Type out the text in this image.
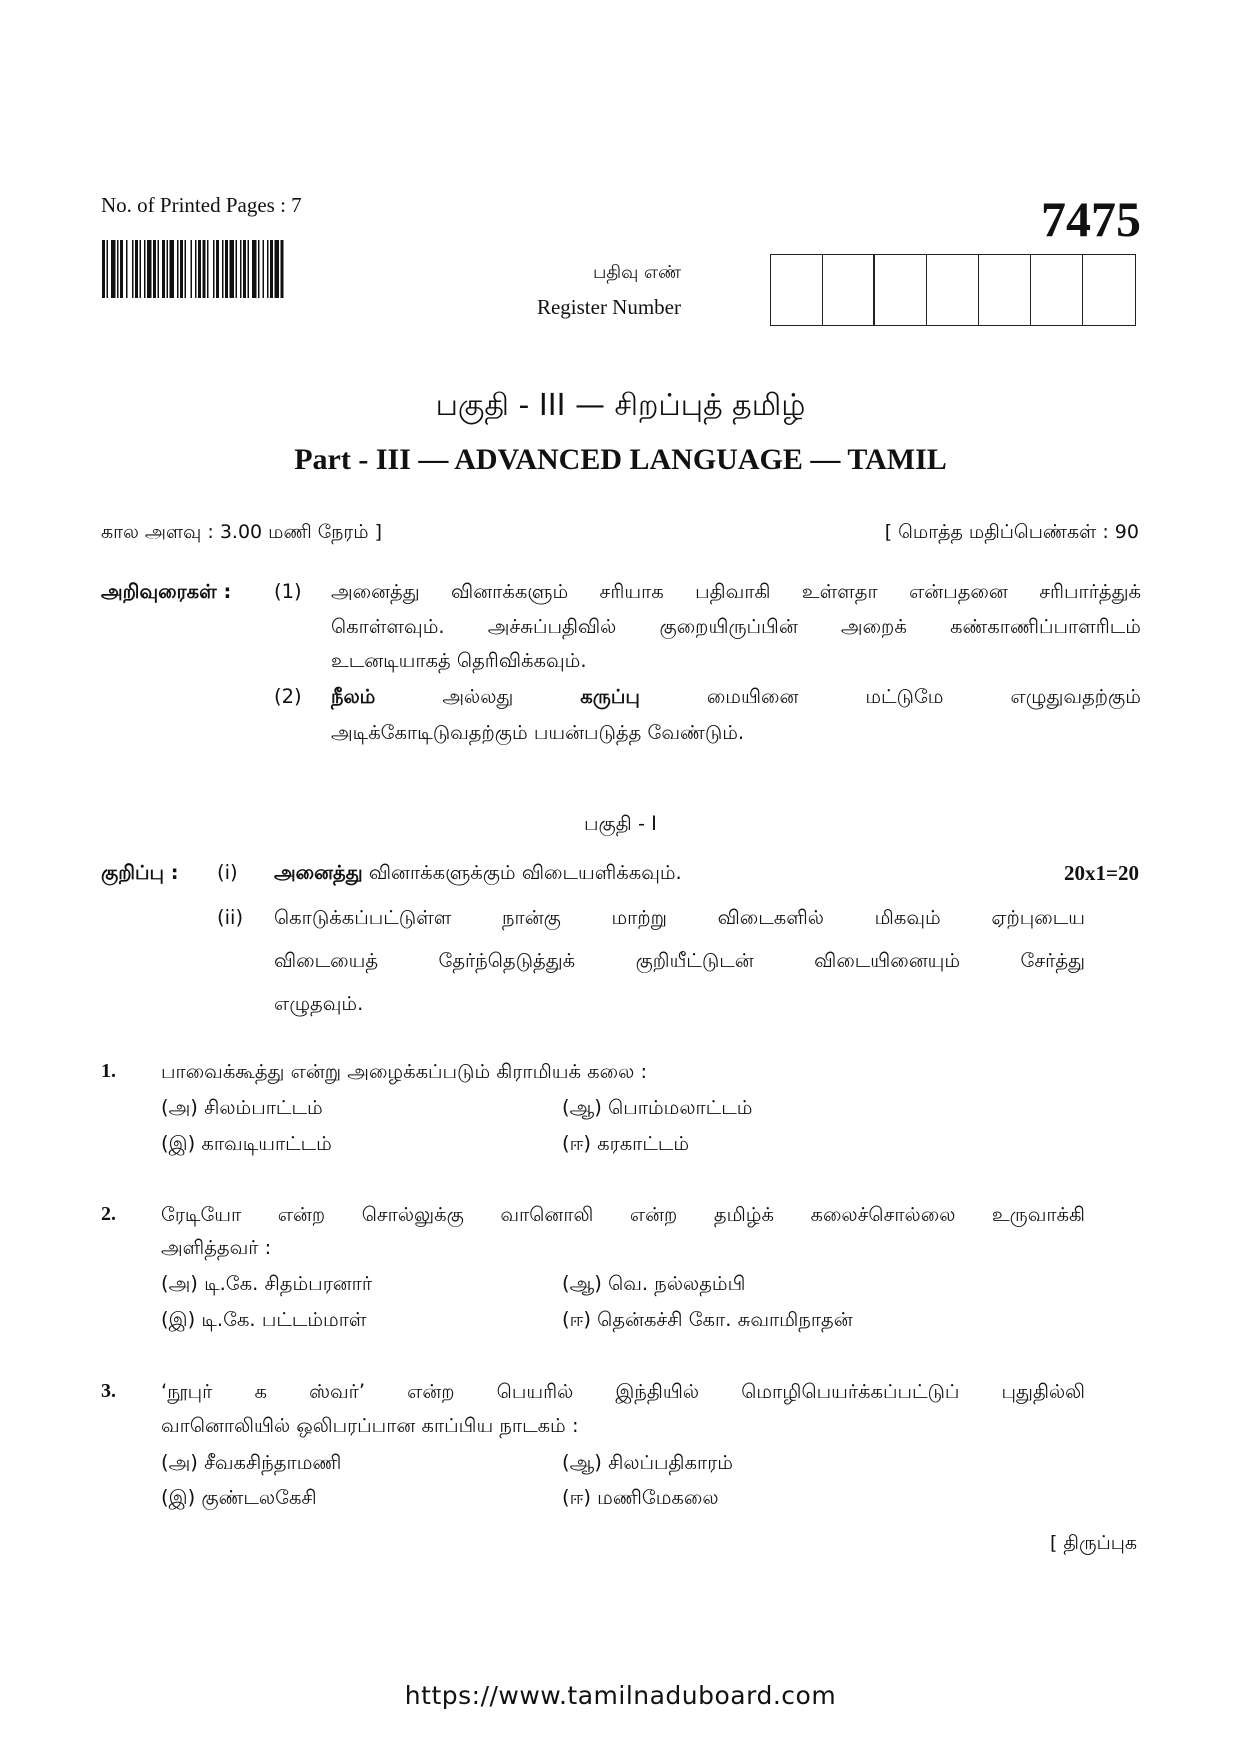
No. of Printed Pages : 7	7475
பதிவு எண்
Register Number
பகுதி - III — சிறப்புத் தமிழ்
Part - III — ADVANCED LANGUAGE — TAMIL
கால அளவு : 3.00 மணி நேரம் ]	[ மொத்த மதிப்பெண்கள் : 90
அறிவுரைகள் : (1) அனைத்து வினாக்களும் சரியாக பதிவாகி உள்ளதா என்பதனை சரிபார்த்துக்
கொள்ளவும். அச்சுப்பதிவில் குறையிருப்பின் அறைக் கண்காணிப்பாளரிடம்
உடனடியாகத் தெரிவிக்கவும்.
(2) நீலம்	அல்லது	கருப்பு	மையினை	மட்டுமே	எழுதுவதற்கும்
அடிக்கோடிடுவதற்கும் பயன்படுத்த வேண்டும்.
பகுதி - I
குறிப்பு : (i) அனைத்து வினாக்களுக்கும் விடையளிக்கவும்.	20x1=20
(ii) கொடுக்கப்பட்டுள்ள நான்கு மாற்று விடைகளில் மிகவும் ஏற்புடைய
விடையைத் தேர்ந்தெடுத்துக் குறியீட்டுடன் விடையினையும் சேர்த்து
எழுதவும்.
1. பாவைக்கூத்து என்று அழைக்கப்படும் கிராமியக் கலை :
(அ) சிலம்பாட்டம்	(ஆ) பொம்மலாட்டம்
(இ) காவடியாட்டம்	(ஈ) கரகாட்டம்
2. ரேடியோ என்ற சொல்லுக்கு வானொலி என்ற தமிழ்க் கலைச்சொல்லை உருவாக்கி
அளித்தவர் :
(அ) டி.கே. சிதம்பரனார்	(ஆ) வெ. நல்லதம்பி
(இ) டி.கே. பட்டம்மாள்	(ஈ) தென்கச்சி கோ. சுவாமிநாதன்
3. ‘நூபுர் க ஸ்வர்’ என்ற பெயரில் இந்தியில் மொழிபெயர்க்கப்பட்டுப் புதுதில்லி
வானொலியில் ஒலிபரப்பான காப்பிய நாடகம் :
(அ) சீவகசிந்தாமணி	(ஆ) சிலப்பதிகாரம்
(இ) குண்டலகேசி	(ஈ) மணிமேகலை
[ திருப்புக
https://www.tamilnaduboard.com
